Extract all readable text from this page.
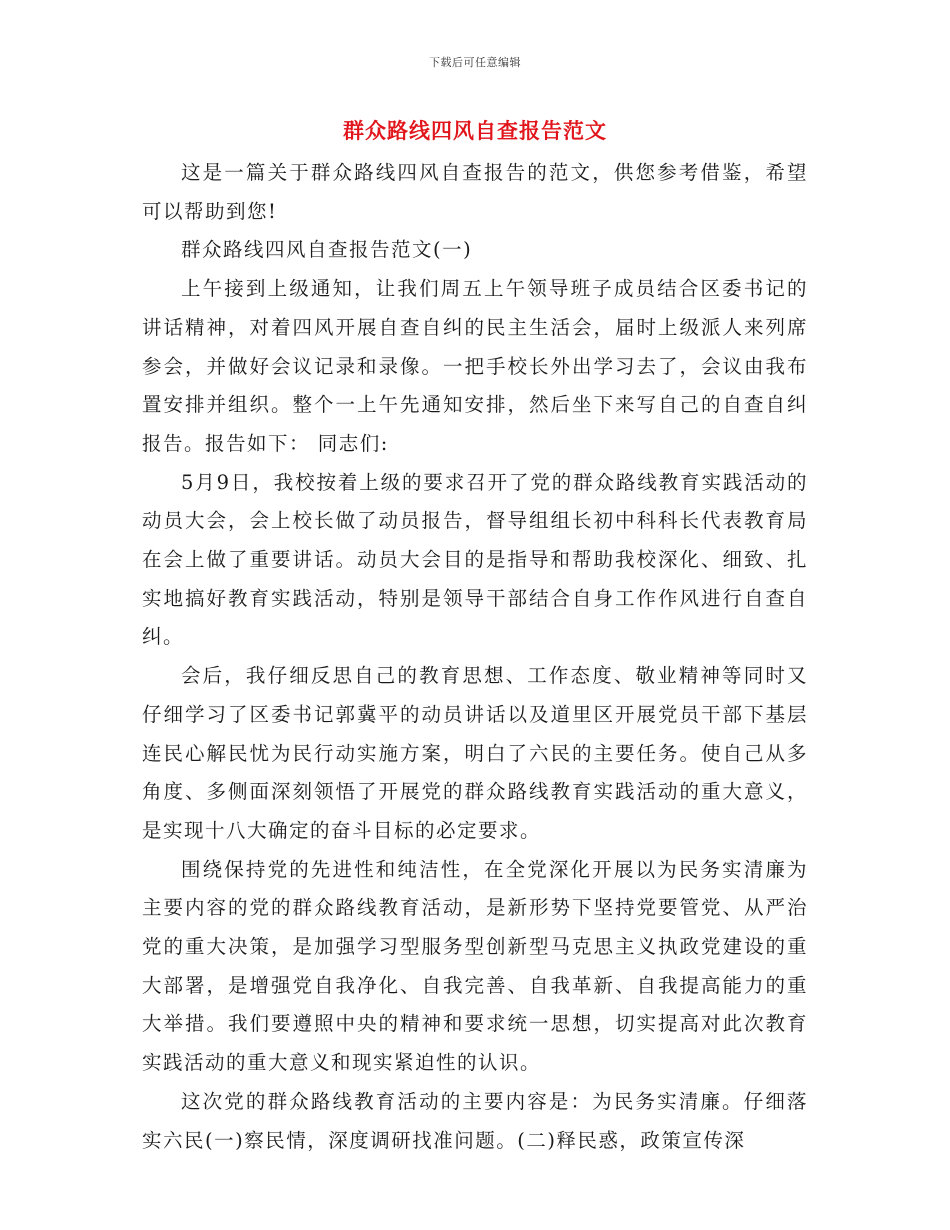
下载后可任意编辑
群众路线四风自查报告范文

这是一篇关于群众路线四风自查报告的范文，供您参考借鉴，希望可以帮助到您!

群众路线四风自查报告范文(一)

上午接到上级通知，让我们周五上午领导班子成员结合区委书记的讲话精神，对着四风开展自查自纠的民主生活会，届时上级派人来列席参会，并做好会议记录和录像。一把手校长外出学习去了，会议由我布置安排并组织。整个一上午先通知安排，然后坐下来写自己的自查自纠报告。报告如下： 同志们:

5月9日，我校按着上级的要求召开了党的群众路线教育实践活动的动员大会，会上校长做了动员报告，督导组组长初中科科长代表教育局在会上做了重要讲话。动员大会目的是指导和帮助我校深化、细致、扎实地搞好教育实践活动，特别是领导干部结合自身工作作风进行自查自纠。

会后，我仔细反思自己的教育思想、工作态度、敬业精神等同时又仔细学习了区委书记郭冀平的动员讲话以及道里区开展党员干部下基层连民心解民忧为民行动实施方案，明白了六民的主要任务。使自己从多角度、多侧面深刻领悟了开展党的群众路线教育实践活动的重大意义，是实现十八大确定的奋斗目标的必定要求。

围绕保持党的先进性和纯洁性，在全党深化开展以为民务实清廉为主要内容的党的群众路线教育活动，是新形势下坚持党要管党、从严治党的重大决策，是加强学习型服务型创新型马克思主义执政党建设的重大部署，是增强党自我净化、自我完善、自我革新、自我提高能力的重大举措。我们要遵照中央的精神和要求统一思想，切实提高对此次教育实践活动的重大意义和现实紧迫性的认识。

这次党的群众路线教育活动的主要内容是：为民务实清廉。仔细落实六民(一)察民情，深度调研找准问题。(二)释民惑，政策宣传深
